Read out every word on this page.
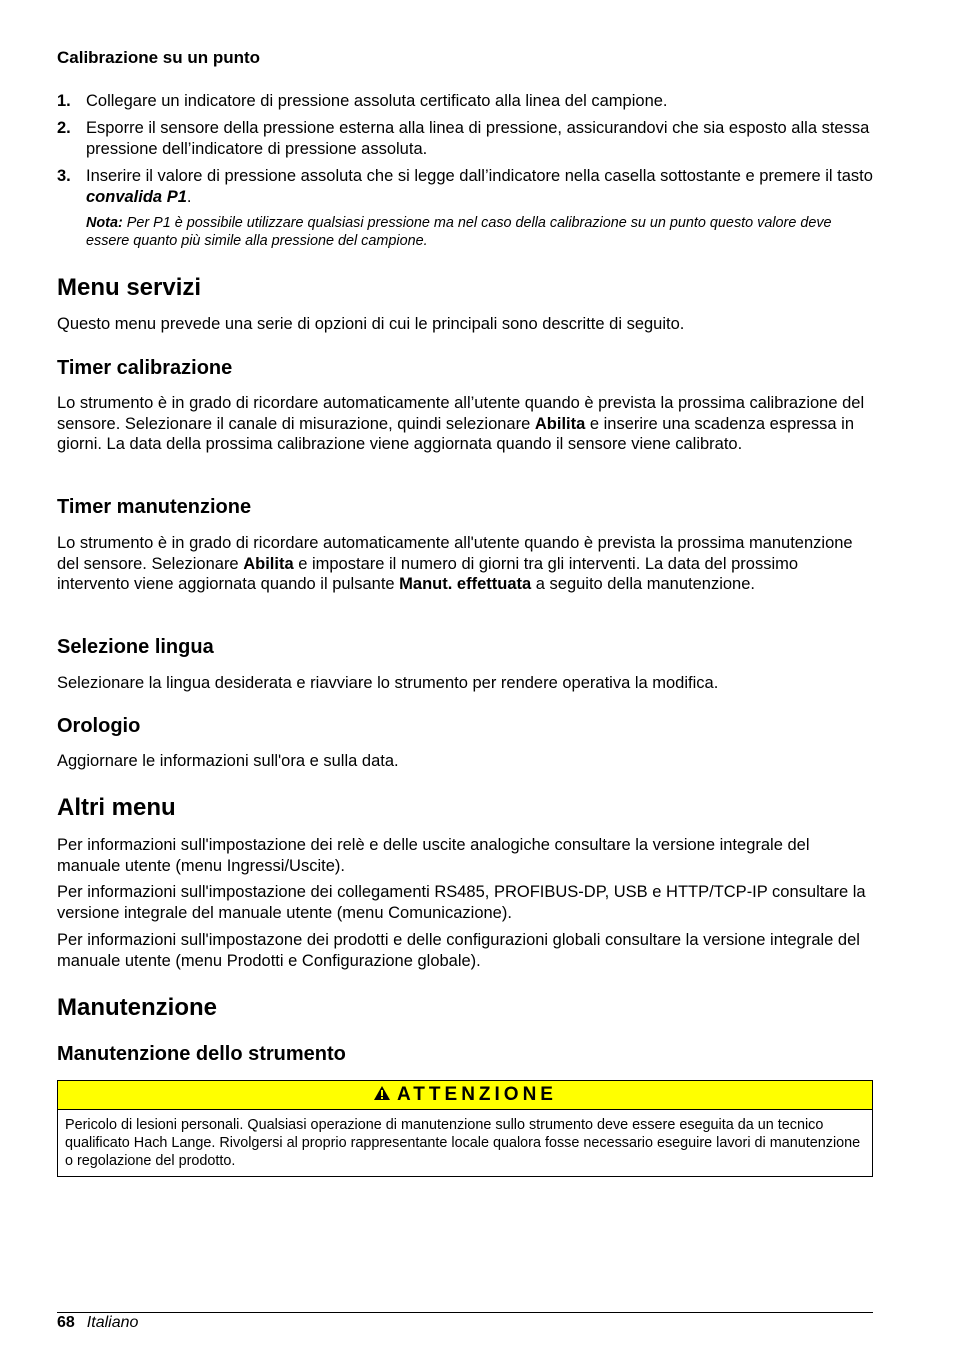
Calibrazione su un punto
1. Collegare un indicatore di pressione assoluta certificato alla linea del campione.
2. Esporre il sensore della pressione esterna alla linea di pressione, assicurandovi che sia esposto alla stessa pressione dell’indicatore di pressione assoluta.
3. Inserire il valore di pressione assoluta che si legge dall’indicatore nella casella sottostante e premere il tasto convalida P1.
Nota: Per P1 è possibile utilizzare qualsiasi pressione ma nel caso della calibrazione su un punto questo valore deve essere quanto più simile alla pressione del campione.
Menu servizi
Questo menu prevede una serie di opzioni di cui le principali sono descritte di seguito.
Timer calibrazione
Lo strumento è in grado di ricordare automaticamente all’utente quando è prevista la prossima calibrazione del sensore. Selezionare il canale di misurazione, quindi selezionare Abilita e inserire una scadenza espressa in giorni. La data della prossima calibrazione viene aggiornata quando il sensore viene calibrato.
Timer manutenzione
Lo strumento è in grado di ricordare automaticamente all'utente quando è prevista la prossima manutenzione del sensore. Selezionare Abilita e impostare il numero di giorni tra gli interventi. La data del prossimo intervento viene aggiornata quando il pulsante Manut. effettuata a seguito della manutenzione.
Selezione lingua
Selezionare la lingua desiderata e riavviare lo strumento per rendere operativa la modifica.
Orologio
Aggiornare le informazioni sull'ora e sulla data.
Altri menu
Per informazioni sull'impostazione dei relè e delle uscite analogiche consultare la versione integrale del manuale utente (menu Ingressi/Uscite).
Per informazioni sull'impostazione dei collegamenti RS485, PROFIBUS-DP, USB e HTTP/TCP-IP consultare la versione integrale del manuale utente (menu Comunicazione).
Per informazioni sull'impostazone dei prodotti e delle configurazioni globali consultare la versione integrale del manuale utente (menu Prodotti e Configurazione globale).
Manutenzione
Manutenzione dello strumento
ATTENZIONE
Pericolo di lesioni personali. Qualsiasi operazione di manutenzione sullo strumento deve essere eseguita da un tecnico qualificato Hach Lange. Rivolgersi al proprio rappresentante locale qualora fosse necessario eseguire lavori di manutenzione o regolazione del prodotto.
68 Italiano
